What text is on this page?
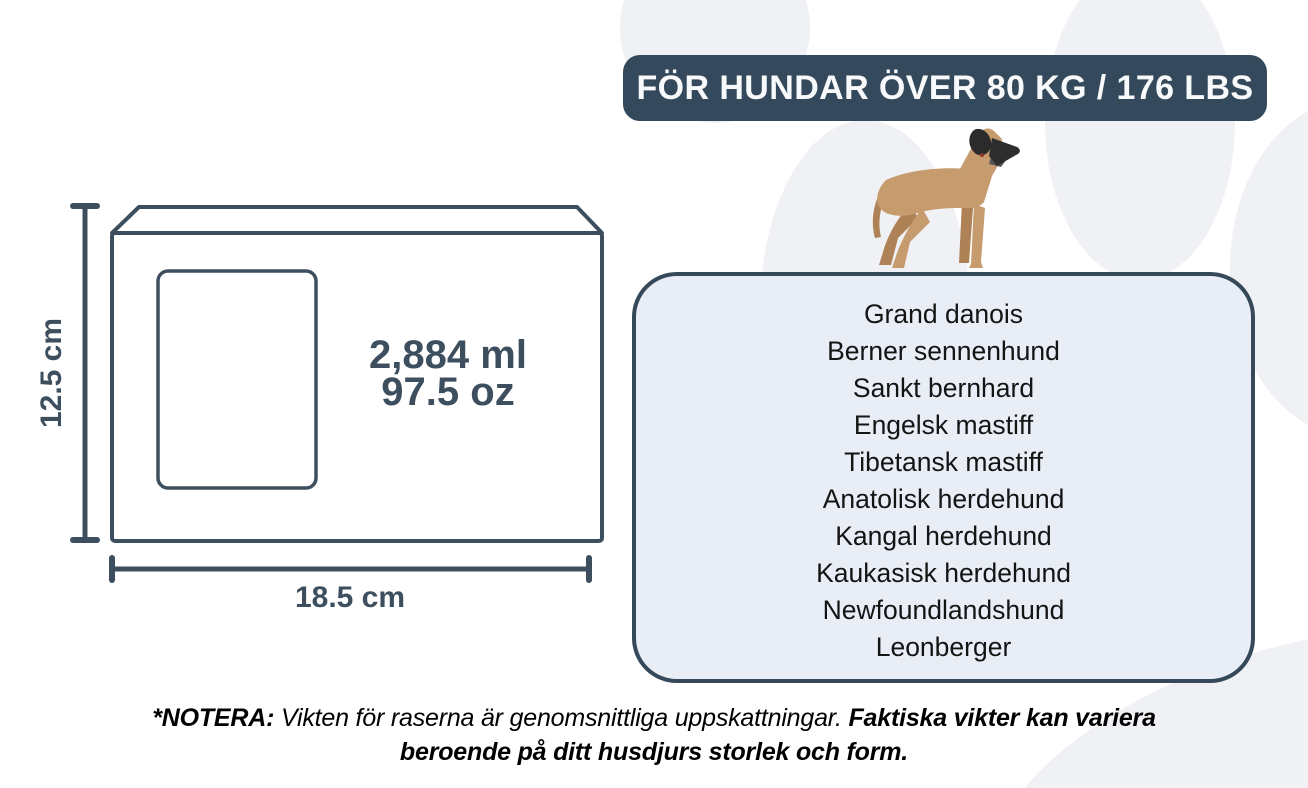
FÖR HUNDAR ÖVER 80 KG / 176 LBS
Grand danois
Berner sennenhund
Sankt bernhard
Engelsk mastiff
Tibetansk mastiff
Anatolisk herdehund
Kangal herdehund
Kaukasisk herdehund
Newfoundlandshund
Leonberger
2,884 ml
97.5 oz
12.5 cm
18.5 cm
*NOTERA: Vikten för raserna är genomsnittliga uppskattningar. Faktiska vikter kan variera
beroende på ditt husdjurs storlek och form.
